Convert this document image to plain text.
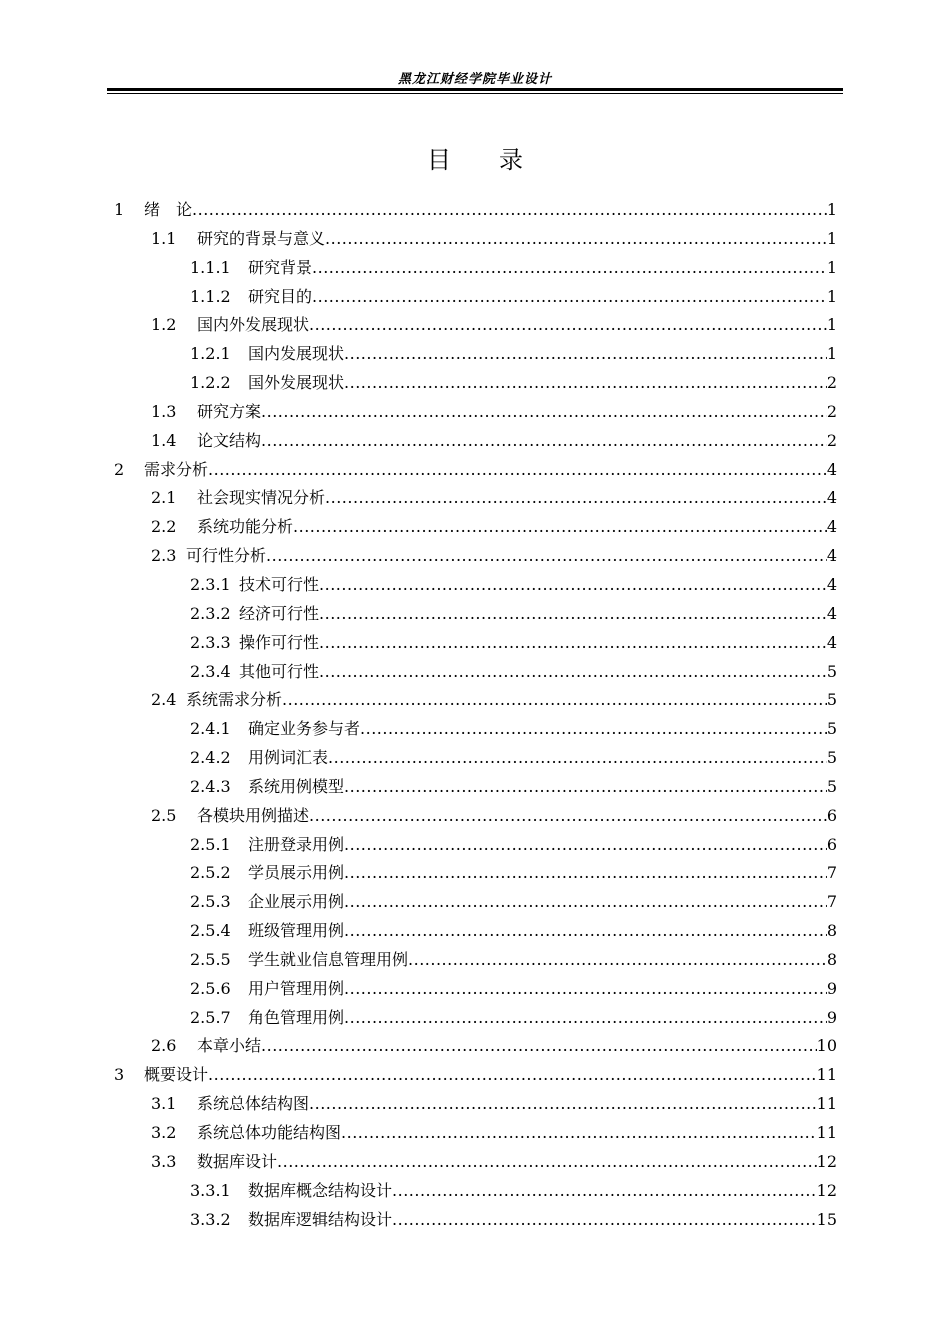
黑龙江财经学院毕业设计
目 录
1	绪　论 .....	1
1.1	研究的背景与意义 .....	1
1.1.1	研究背景 .....	1
1.1.2	研究目的 .....	1
1.2	国内外发展现状 .....	1
1.2.1	国内发展现状 .....	1
1.2.2	国外发展现状 .....	2
1.3	研究方案 .....	2
1.4	论文结构 .....	2
2	需求分析 .....	4
2.1	社会现实情况分析 .....	4
2.2	系统功能分析 .....	4
2.3 可行性分析 .....	4
2.3.1 技术可行性 .....	4
2.3.2 经济可行性 .....	4
2.3.3 操作可行性 .....	4
2.3.4 其他可行性 .....	5
2.4 系统需求分析 .....	5
2.4.1	确定业务参与者 .....	5
2.4.2	用例词汇表 .....	5
2.4.3	系统用例模型 .....	5
2.5	各模块用例描述 .....	6
2.5.1	注册登录用例 .....	6
2.5.2	学员展示用例 .....	7
2.5.3	企业展示用例 .....	7
2.5.4	班级管理用例 .....	8
2.5.5	学生就业信息管理用例 .....	8
2.5.6	用户管理用例 .....	9
2.5.7	角色管理用例 .....	9
2.6	本章小结 .....	10
3	概要设计 .....	11
3.1	系统总体结构图 .....	11
3.2	系统总体功能结构图 .....	11
3.3	数据库设计 .....	12
3.3.1	数据库概念结构设计 .....	12
3.3.2	数据库逻辑结构设计 .....	15
